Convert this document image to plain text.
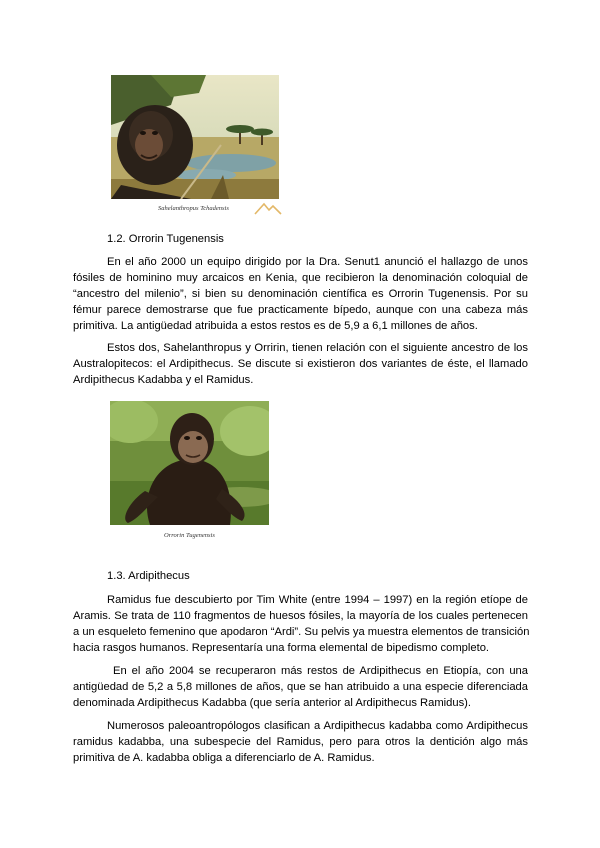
Sahelanthropus Tchadensis
1.2. Orrorin Tugenensis
En el año 2000 un equipo dirigido por la Dra. Senut1 anunció el hallazgo de unos
fósiles de hominino muy arcaicos en Kenia, que recibieron la denominación coloquial de
“ancestro del milenio”, si bien su denominación científica es Orrorin Tugenensis. Por su
fémur parece demostrarse que fue practicamente bípedo, aunque con una cabeza más
primitiva. La antigüedad atribuida a estos restos es de 5,9 a 6,1 millones de años.
Estos dos, Sahelanthropus y Orririn, tienen relación con el siguiente ancestro de los
Australopitecos: el Ardipithecus. Se discute si existieron dos variantes de éste, el llamado
Ardipithecus Kadabba y el Ramidus.
Orrorin Tugenensis
1.3. Ardipithecus
Ramidus fue descubierto por Tim White (entre 1994 – 1997) en la región etíope de
Aramis. Se trata de 110 fragmentos de huesos fósiles, la mayoría de los cuales pertenecen
a un esqueleto femenino que apodaron “Ardi”. Su pelvis ya muestra elementos de transición
hacia rasgos humanos. Representaría una forma elemental de bipedismo completo.
En el año 2004 se recuperaron más restos de Ardipithecus en Etiopía, con una
antigüedad de 5,2 a 5,8 millones de años, que se han atribuido a una especie diferenciada
denominada Ardipithecus Kadabba (que sería anterior al Ardipithecus Ramidus).
Numerosos paleoantropólogos clasifican a Ardipithecus kadabba como Ardipithecus
ramidus kadabba, una subespecie del Ramidus, pero para otros la dentición algo más
primitiva de A. kadabba obliga a diferenciarlo de A. Ramidus.
